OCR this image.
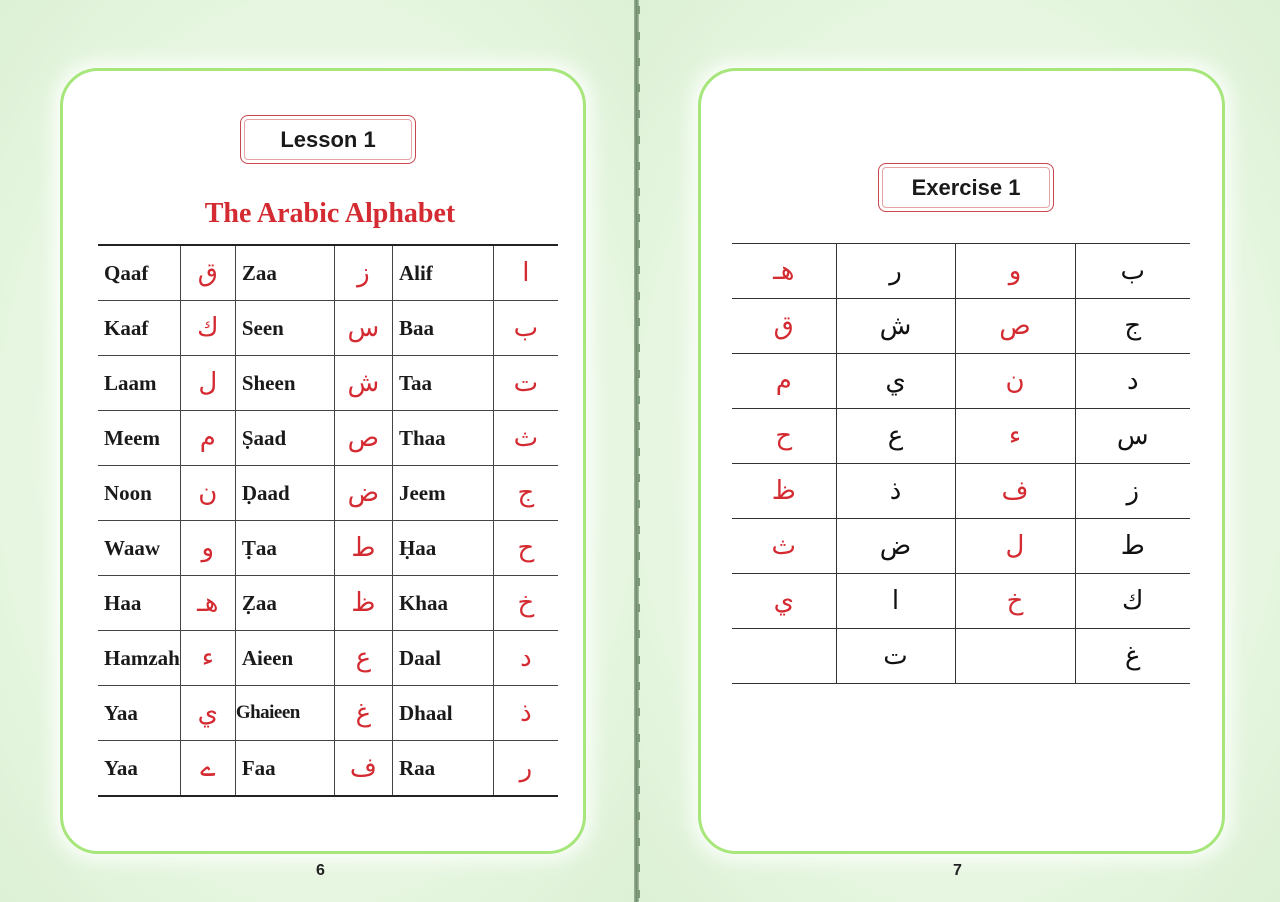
Lesson 1
The Arabic Alphabet
Qaaf	ق	Zaa	ز	Alif	ا
Kaaf	ك	Seen	س	Baa	ب
Laam	ل	Sheen	ش	Taa	ت
Meem	م	Ṣaad	ص	Thaa	ث
Noon	ن	Ḍaad	ض	Jeem	ج
Waaw	و	Ṭaa	ط	Ḥaa	ح
Haa	هـ	Ẓaa	ظ	Khaa	خ
Hamzah	ء	Aieen	ع	Daal	د
Yaa	ي	Ghaieen	غ	Dhaal	ذ
Yaa	ے	Faa	ف	Raa	ر
Exercise 1
هـ	ر	و	ب
ق	ش	ص	ج
م	ي	ن	د
ح	ع	ء	س
ظ	ذ	ف	ز
ث	ض	ل	ط
ي	ا	خ	ك
	ت		غ
6	7
